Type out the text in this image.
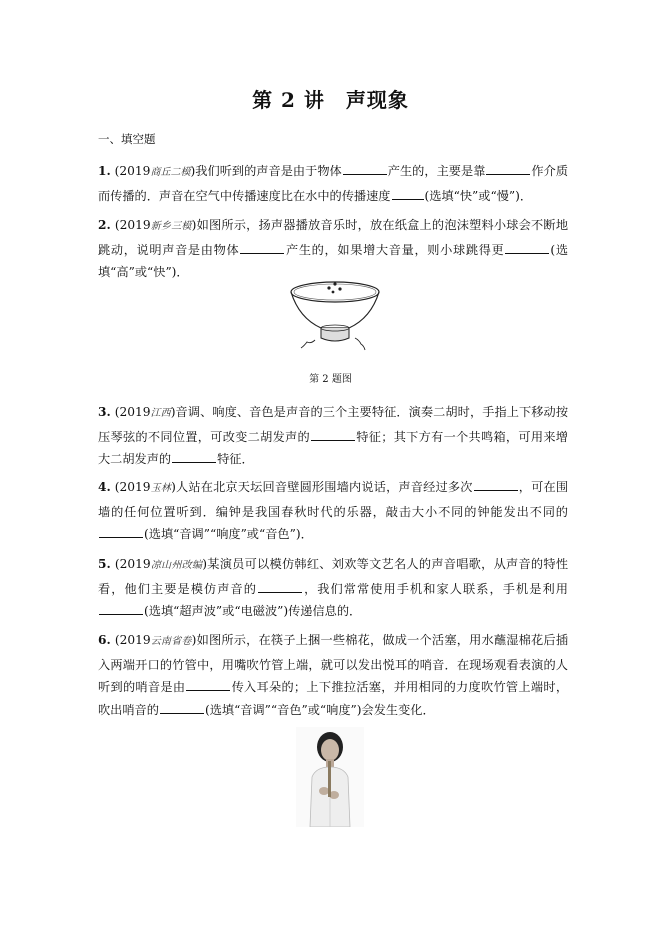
第 2 讲　声现象
一、填空题
1. (2019商丘二模)我们听到的声音是由于物体	产生的，主要是靠	作介质而传播的．声音在空气中传播速度比在水中的传播速度	(选填“快”或“慢”)．
2. (2019新乡三模)如图所示，扬声器播放音乐时，放在纸盒上的泡沫塑料小球会不断地跳动，说明声音是由物体	产生的，如果增大音量，则小球跳得更	(选填“高”或“快”)．
第 2 题图
3. (2019江西)音调、响度、音色是声音的三个主要特征．演奏二胡时，手指上下移动按压琴弦的不同位置，可改变二胡发声的	特征；其下方有一个共鸣箱，可用来增大二胡发声的	特征．
4. (2019玉林)人站在北京天坛回音壁圆形围墙内说话，声音经过多次	，可在围墙的任何位置听到．编钟是我国春秋时代的乐器，敲击大小不同的钟能发出不同的(选填“音调”“响度”或“音色”)．
5. (2019凉山州改编)某演员可以模仿韩红、刘欢等文艺名人的声音唱歌，从声音的特性看，他们主要是模仿声音的	，我们常常使用手机和家人联系，手机是利用(选填“超声波”或“电磁波”)传递信息的．
6. (2019云南省卷)如图所示，在筷子上捆一些棉花，做成一个活塞，用水蘸湿棉花后插入两端开口的竹管中，用嘴吹竹管上端，就可以发出悦耳的哨音．在现场观看表演的人听到的哨音是由	传入耳朵的；上下推拉活塞，并用相同的力度吹竹管上端时，吹出哨音的	(选填“音调”“音色”或“响度”)会发生变化．
